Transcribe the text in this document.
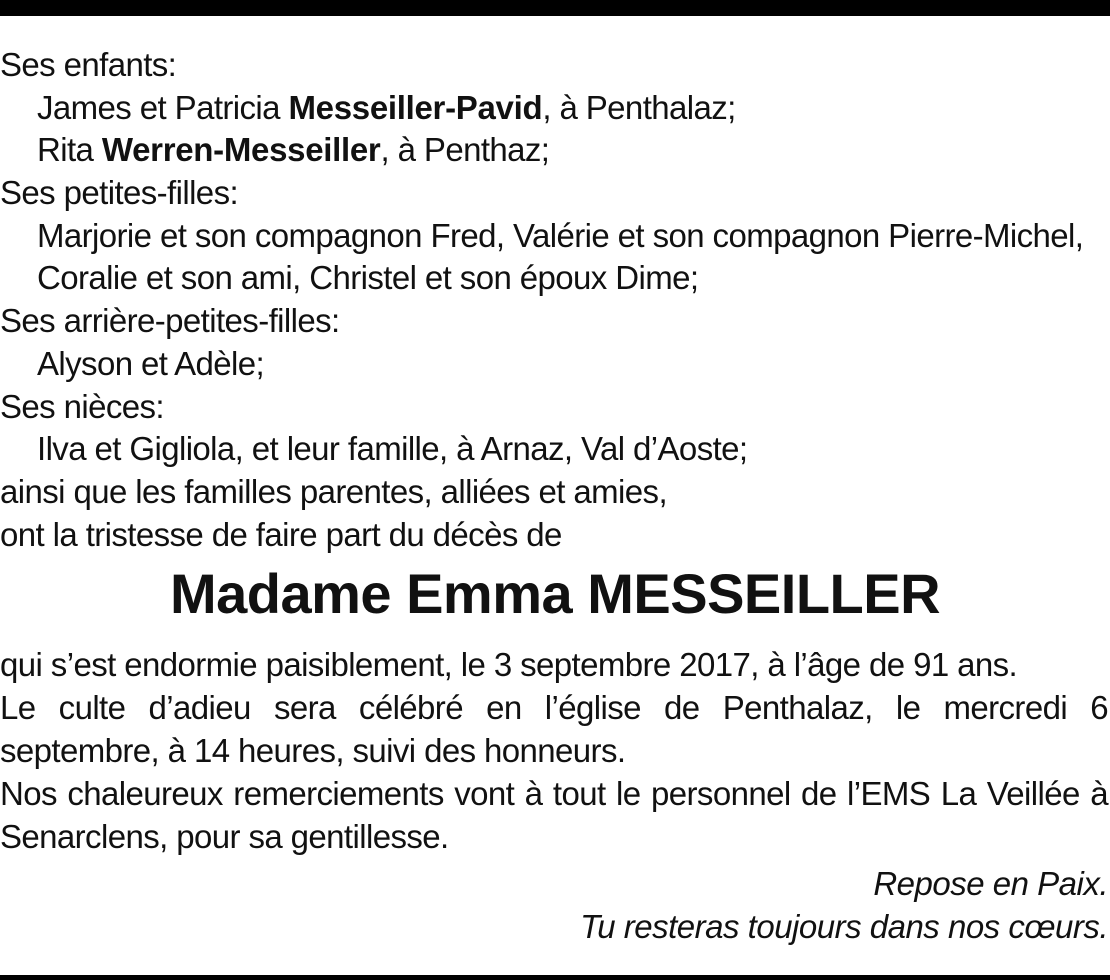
Ses enfants:
James et Patricia Messeiller-Pavid, à Penthalaz;
Rita Werren-Messeiller, à Penthaz;
Ses petites-filles:
Marjorie et son compagnon Fred, Valérie et son compagnon Pierre-Michel,
Coralie et son ami, Christel et son époux Dime;
Ses arrière-petites-filles:
Alyson et Adèle;
Ses nièces:
Ilva et Gigliola, et leur famille, à Arnaz, Val d’Aoste;
ainsi que les familles parentes, alliées et amies,
ont la tristesse de faire part du décès de
Madame Emma MESSEILLER

qui s’est endormie paisiblement, le 3 septembre 2017, à l’âge de 91 ans.

Le culte d’adieu sera célébré en l’église de Penthalaz, le mercredi 6 septembre, à 14 heures, suivi des honneurs.

Nos chaleureux remerciements vont à tout le personnel de l’EMS La Veillée à Senarclens, pour sa gentillesse.

Repose en Paix.
Tu resteras toujours dans nos cœurs.
